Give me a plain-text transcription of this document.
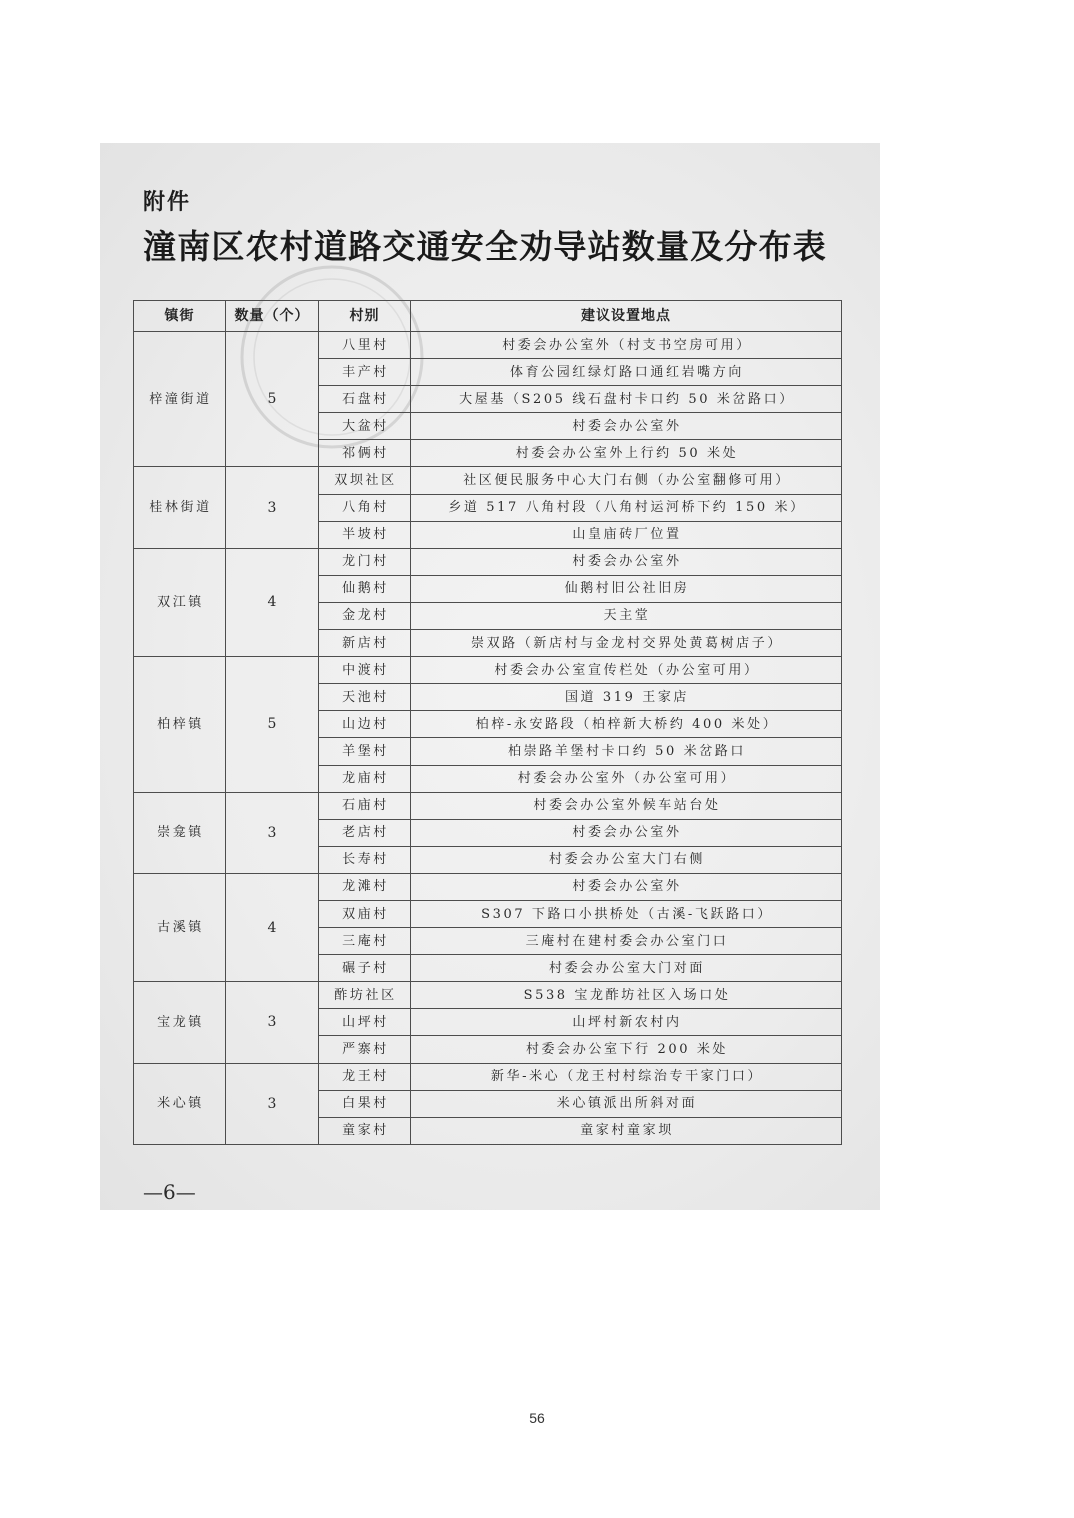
附件
潼南区农村道路交通安全劝导站数量及分布表
镇街	数量（个）	村别	建议设置地点
梓潼街道	5	八里村	村委会办公室外（村支书空房可用）
		丰产村	体育公园红绿灯路口通红岩嘴方向
		石盘村	大屋基（S205 线石盘村卡口约 50 米岔路口）
		大盆村	村委会办公室外
		祁俩村	村委会办公室外上行约 50 米处
桂林街道	3	双坝社区	社区便民服务中心大门右侧（办公室翻修可用）
		八角村	乡道 517 八角村段（八角村运河桥下约 150 米）
		半坡村	山皇庙砖厂位置
双江镇	4	龙门村	村委会办公室外
		仙鹅村	仙鹅村旧公社旧房
		金龙村	天主堂
		新店村	崇双路（新店村与金龙村交界处黄葛树店子）
柏梓镇	5	中渡村	村委会办公室宣传栏处（办公室可用）
		天池村	国道 319 王家店
		山边村	柏梓-永安路段（柏梓新大桥约 400 米处）
		羊堡村	柏崇路羊堡村卡口约 50 米岔路口
		龙庙村	村委会办公室外（办公室可用）
崇龛镇	3	石庙村	村委会办公室外候车站台处
		老店村	村委会办公室外
		长寿村	村委会办公室大门右侧
古溪镇	4	龙滩村	村委会办公室外
		双庙村	S307 下路口小拱桥处（古溪-飞跃路口）
		三庵村	三庵村在建村委会办公室门口
		碾子村	村委会办公室大门对面
宝龙镇	3	酢坊社区	S538 宝龙酢坊社区入场口处
		山坪村	山坪村新农村内
		严寨村	村委会办公室下行 200 米处
米心镇	3	龙王村	新华-米心（龙王村村综治专干家门口）
		白果村	米心镇派出所斜对面
		童家村	童家村童家坝
—6—
56
